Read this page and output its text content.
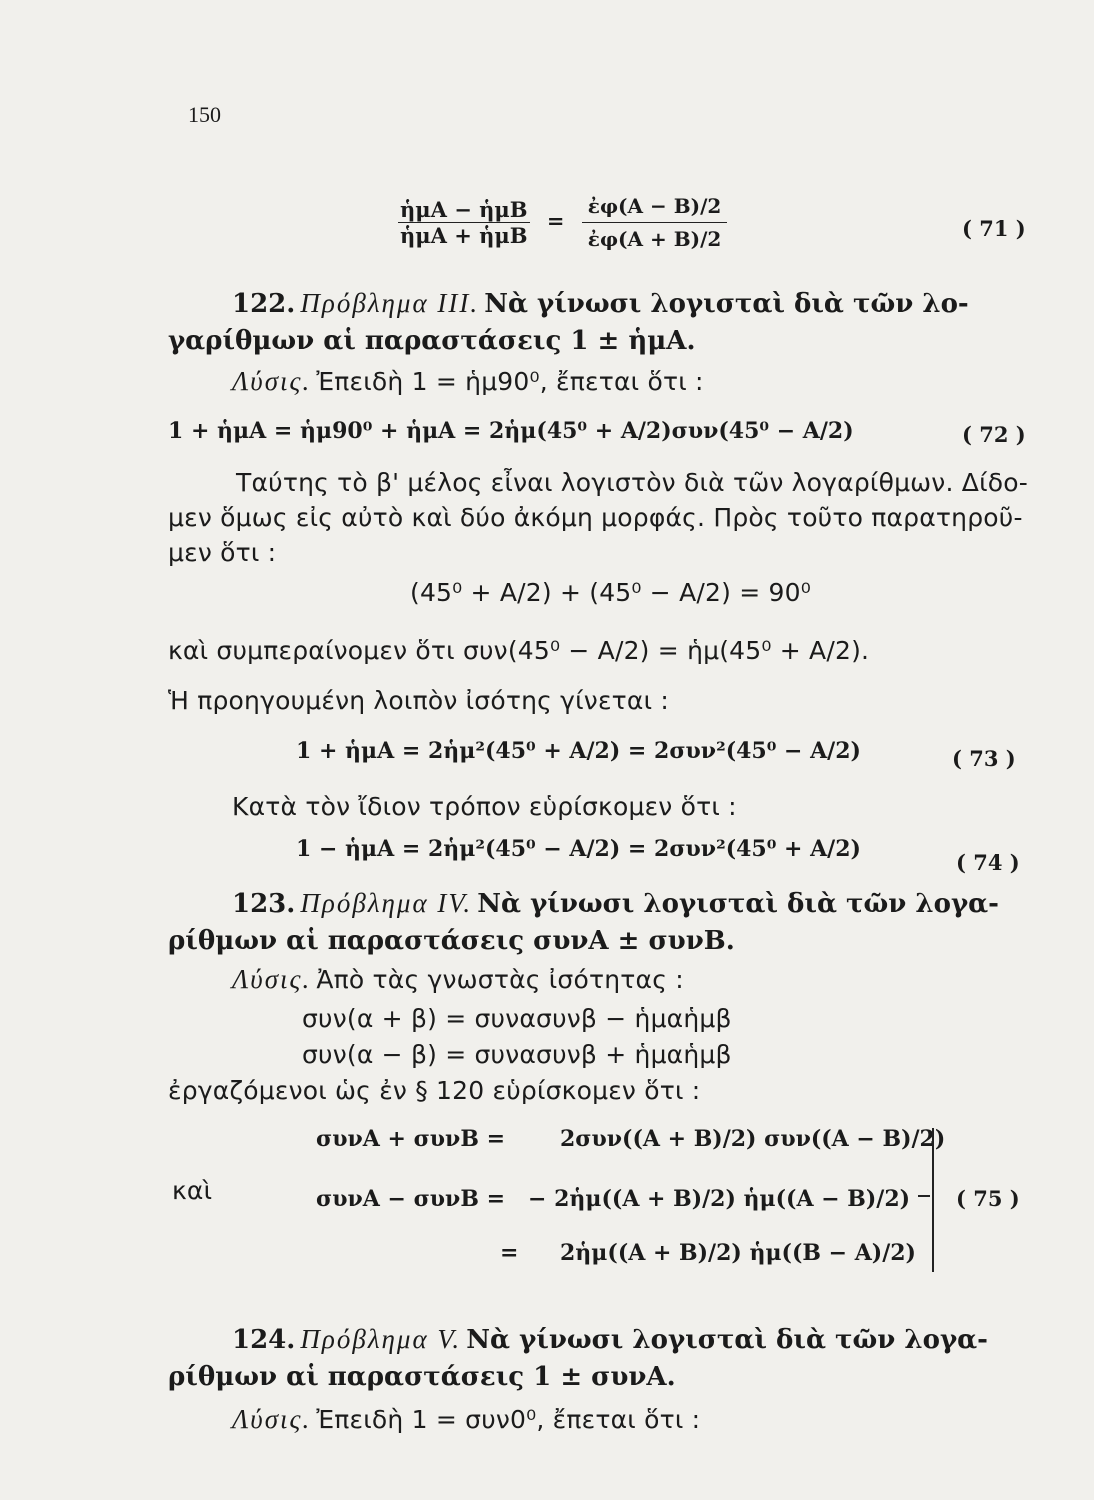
150
$\frac{\text{ἡμΑ − ἡμΒ}}{\text{ἡμΑ + ἡμΒ}} = \frac{\text{ἐφ(Α − Β)/2}}{\text{ἐφ(Α + Β)/2}}$	( 71 )
122. Πρόβλημα ΙΙΙ. Νὰ γίνωσι λογισταὶ διὰ τῶν λο-
γαρίθμων αἱ παραστάσεις 1 ± ἡμΑ.
Λύσις. Ἐπειδὴ 1 = ἡμ90⁰, ἔπεται ὅτι :
1 + ἡμΑ = ἡμ90⁰ + ἡμΑ = 2ἡμ(45⁰ + A/2)συν(45⁰ − A/2)	( 72 )
Ταύτης τὸ β' μέλος εἶναι λογιστὸν διὰ τῶν λογαρίθμων. Δίδο-
μεν ὅμως εἰς αὐτὸ καὶ δύο ἀκόμη μορφάς. Πρὸς τοῦτο παρατηροῦ-
μεν ὅτι :
(45⁰ + A/2) + (45⁰ − A/2) = 90⁰
καὶ συμπεραίνομεν ὅτι συν(45⁰ − A/2) = ἡμ(45⁰ + A/2).
Ἡ προηγουμένη λοιπὸν ἰσότης γίνεται :
1 + ἡμΑ = 2ἡμ²(45⁰ + A/2) = 2συν²(45⁰ − A/2)	( 73 )
Κατὰ τὸν ἴδιον τρόπον εὑρίσκομεν ὅτι :
1 − ἡμΑ = 2ἡμ²(45⁰ − A/2) = 2συν²(45⁰ + A/2)
( 74 )
123. Πρόβλημα ΙV. Νὰ γίνωσι λογισταὶ διὰ τῶν λογα-
ρίθμων αἱ παραστάσεις συνΑ ± συνΒ.
Λύσις. Ἀπὸ τὰς γνωστὰς ἰσότητας :
συν(α + β) = συνασυνβ − ἡμαἡμβ
συν(α − β) = συνασυνβ + ἡμαἡμβ
ἐργαζόμενοι ὡς ἐν § 120 εὑρίσκομεν ὅτι :
συνΑ + συνΒ = 2συν((Α + Β)/2) συν((Α − Β)/2)
καὶ	συνΑ − συνΒ = − 2ἡμ((Α + Β)/2) ἡμ((Α − Β)/2)
= 2ἡμ((Α + Β)/2) ἡμ((Β − Α)/2)
( 75 )
124. Πρόβλημα V. Νὰ γίνωσι λογισταὶ διὰ τῶν λογα-
ρίθμων αἱ παραστάσεις 1 ± συνΑ.
Λύσις. Ἐπειδὴ 1 = συν0⁰, ἔπεται ὅτι :
